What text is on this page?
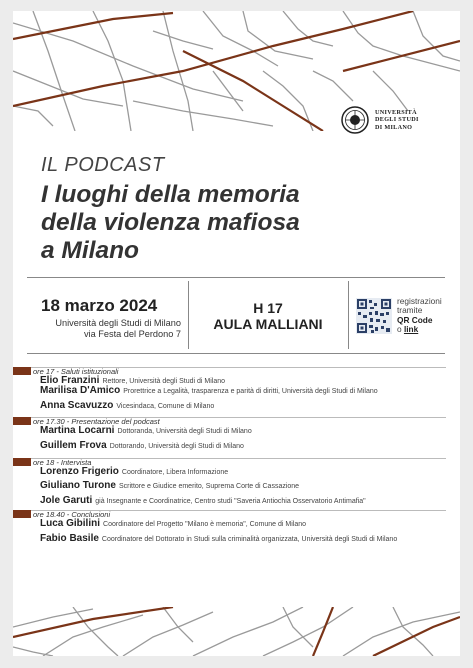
UNIVERSITÀ
DEGLI STUDI
DI MILANO
IL PODCAST
I luoghi della memoria
della violenza mafiosa
a Milano
18 marzo 2024
Università degli Studi di Milano
via Festa del Perdono 7
H 17
AULA MALLIANI
registrazioni
tramite
QR Code
o link
ore 17 - Saluti istituzionali
Elio Franzini Rettore, Università degli Studi di Milano
Marilisa D'Amico Prorettrice a Legalità, trasparenza e parità di diritti, Università degli Studi di Milano
Anna Scavuzzo Vicesindaca, Comune di Milano
ore 17.30 - Presentazione del podcast
Martina Locarni Dottoranda, Università degli Studi di Milano
Guillem Frova Dottorando, Università degli Studi di Milano
ore 18 - Intervista
Lorenzo Frigerio Coordinatore, Libera Informazione
Giuliano Turone Scrittore e Giudice emerito, Suprema Corte di Cassazione
Jole Garuti già Insegnante e Coordinatrice, Centro studi "Saveria Antiochia Osservatorio Antimafia"
ore 18.40 - Conclusioni
Luca Gibilini Coordinatore del Progetto "Milano è memoria", Comune di Milano
Fabio Basile Coordinatore del Dottorato in Studi sulla criminalità organizzata, Università degli Studi di Milano
